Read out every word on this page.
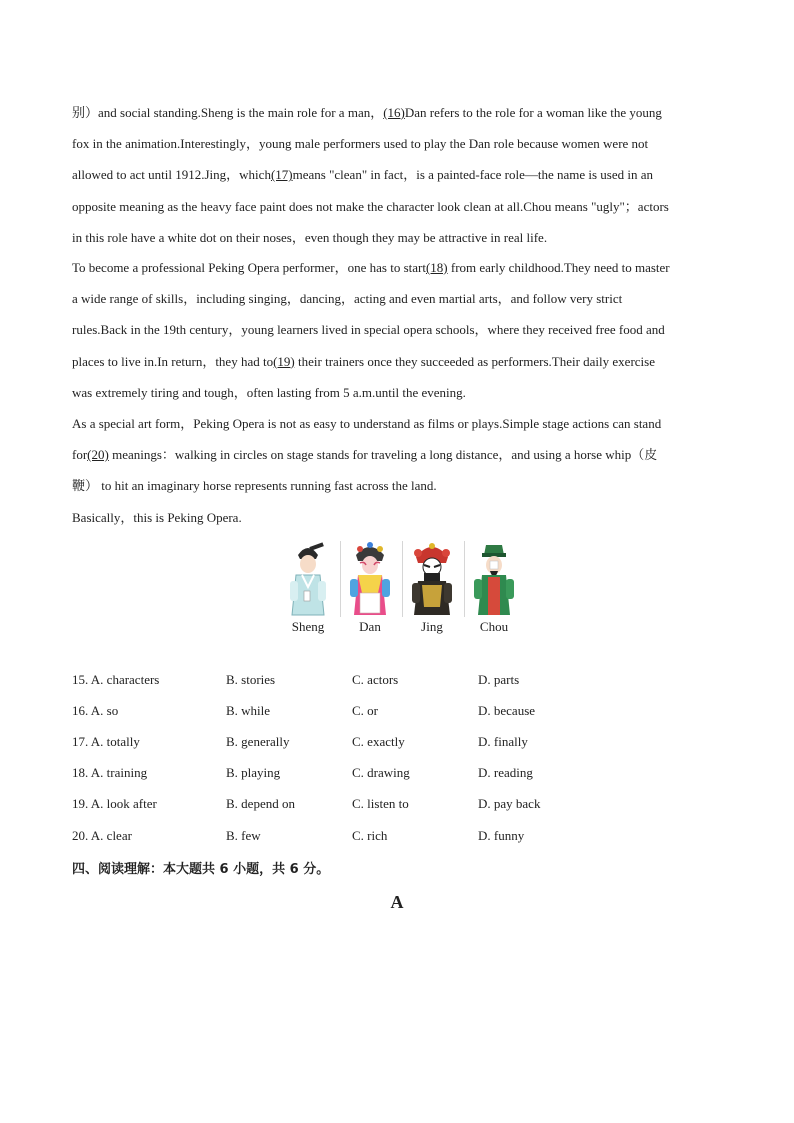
别）and social standing.Sheng is the main role for a man，(16)Dan refers to the role for a woman like the young
fox in the animation.Interestingly，young male performers used to play the Dan role because women were not
allowed to act until 1912.Jing，which(17)means "clean" in fact，is a painted-face role—the name is used in an
opposite meaning as the heavy face paint does not make the character look clean at all.Chou means "ugly"；actors
in this role have a white dot on their noses，even though they may be attractive in real life.
To become a professional Peking Opera performer，one has to start(18) from early childhood.They need to master
a wide range of skills，including singing，dancing，acting and even martial arts，and follow very strict
rules.Back in the 19th century，young learners lived in special opera schools，where they received free food and
places to live in.In return，they had to(19) their trainers once they succeeded as performers.Their daily exercise
was extremely tiring and tough，often lasting from 5 a.m.until the evening.
As a special art form，Peking Opera is not as easy to understand as films or plays.Simple stage actions can stand
for(20) meanings：walking in circles on stage stands for traveling a long distance，and using a horse whip（皮
鞭） to hit an imaginary horse represents running fast across the land.
Basically，this is Peking Opera.
Sheng	Dan	Jing	Chou
15. A. characters	B. stories	C. actors	D. parts
16. A. so	B. while	C. or	D. because
17. A. totally	B. generally	C. exactly	D. finally
18. A. training	B. playing	C. drawing	D. reading
19. A. look after	B. depend on	C. listen to	D. pay back
20. A. clear	B. few	C. rich	D. funny
四、阅读理解：本大题共 6 小题，共 6 分。
A
